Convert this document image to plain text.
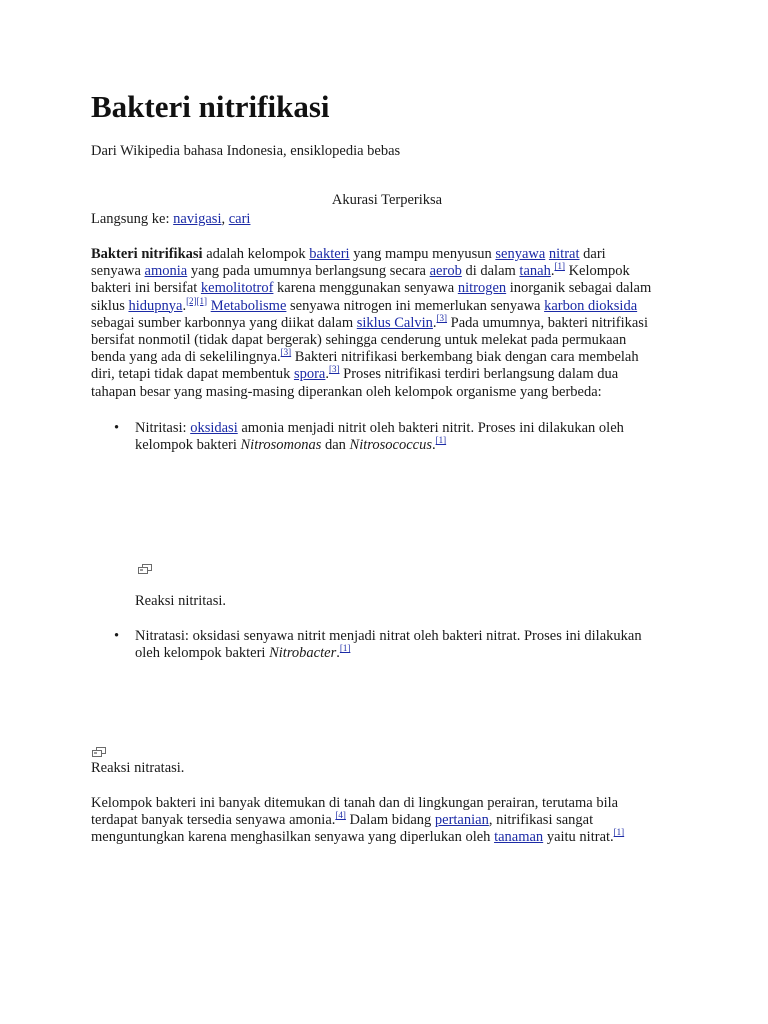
Bakteri nitrifikasi
Dari Wikipedia bahasa Indonesia, ensiklopedia bebas
Akurasi Terperiksa
Langsung ke: navigasi, cari
Bakteri nitrifikasi adalah kelompok bakteri yang mampu menyusun senyawa nitrat dari
senyawa amonia yang pada umumnya berlangsung secara aerob di dalam tanah.[1] Kelompok
bakteri ini bersifat kemolitotrof karena menggunakan senyawa nitrogen inorganik sebagai dalam
siklus hidupnya.[2][1] Metabolisme senyawa nitrogen ini memerlukan senyawa karbon dioksida
sebagai sumber karbonnya yang diikat dalam siklus Calvin.[3] Pada umumnya, bakteri nitrifikasi
bersifat nonmotil (tidak dapat bergerak) sehingga cenderung untuk melekat pada permukaan
benda yang ada di sekelilingnya.[3] Bakteri nitrifikasi berkembang biak dengan cara membelah
diri, tetapi tidak dapat membentuk spora.[3] Proses nitrifikasi terdiri berlangsung dalam dua
tahapan besar yang masing-masing diperankan oleh kelompok organisme yang berbeda:
• Nitritasi: oksidasi amonia menjadi nitrit oleh bakteri nitrit. Proses ini dilakukan oleh
kelompok bakteri Nitrosomonas dan Nitrosococcus.[1]
Reaksi nitritasi.
• Nitratasi: oksidasi senyawa nitrit menjadi nitrat oleh bakteri nitrat. Proses ini dilakukan
oleh kelompok bakteri Nitrobacter.[1]
Reaksi nitratasi.
Kelompok bakteri ini banyak ditemukan di tanah dan di lingkungan perairan, terutama bila
terdapat banyak tersedia senyawa amonia.[4] Dalam bidang pertanian, nitrifikasi sangat
menguntungkan karena menghasilkan senyawa yang diperlukan oleh tanaman yaitu nitrat.[1]
